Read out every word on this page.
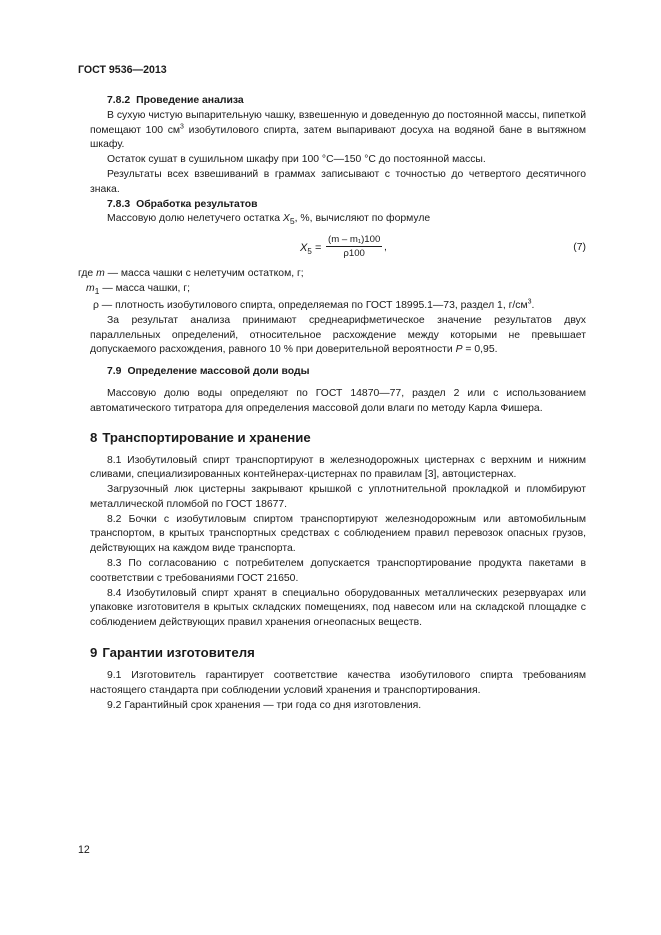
ГОСТ 9536—2013

7.8.2 Проведение анализа

В сухую чистую выпарительную чашку, взвешенную и доведенную до постоянной массы, пипеткой помещают 100 $см^3$ изобутилового спирта, затем выпаривают досуха на водяной бане в вытяжном шкафу.

Остаток сушат в сушильном шкафу при 100 °С—150 °С до постоянной массы.

Результаты всех взвешиваний в граммах записывают с точностью до четвертого десятичного знака.

7.8.3 Обработка результатов

Массовую долю нелетучего остатка $X_5$, %, вычисляют по формуле

$X_5 = \frac{\text{(m – m₁)100}}{\rho 100}$ ,	(7)

где m — масса чашки с нелетучим остатком, г;

$m_1$ — масса чашки, г;

ρ — плотность изобутилового спирта, определяемая по ГОСТ 18995.1—73, раздел 1, $г/см^3$.

За результат анализа принимают среднеарифметическое значение результатов двух параллельных определений, относительное расхождение между которыми не превышает допускаемого расхождения, равного 10 % при доверительной вероятности P = 0,95.

7.9 Определение массовой доли воды

Массовую долю воды определяют по ГОСТ 14870—77, раздел 2 или с использованием автоматического титратора для определения массовой доли влаги по методу Карла Фишера.

8 Транспортирование и хранение

8.1 Изобутиловый спирт транспортируют в железнодорожных цистернах с верхним и нижним сливами, специализированных контейнерах-цистернах по правилам [3], автоцистернах.

Загрузочный люк цистерны закрывают крышкой с уплотнительной прокладкой и пломбируют металлической пломбой по ГОСТ 18677.

8.2 Бочки с изобутиловым спиртом транспортируют железнодорожным или автомобильным транспортом, в крытых транспортных средствах с соблюдением правил перевозок опасных грузов, действующих на каждом виде транспорта.

8.3 По согласованию с потребителем допускается транспортирование продукта пакетами в соответствии с требованиями ГОСТ 21650.

8.4 Изобутиловый спирт хранят в специально оборудованных металлических резервуарах или упаковке изготовителя в крытых складских помещениях, под навесом или на складской площадке с соблюдением действующих правил хранения огнеопасных веществ.

9 Гарантии изготовителя

9.1 Изготовитель гарантирует соответствие качества изобутилового спирта требованиям настоящего стандарта при соблюдении условий хранения и транспортирования.

9.2 Гарантийный срок хранения — три года со дня изготовления.

12
